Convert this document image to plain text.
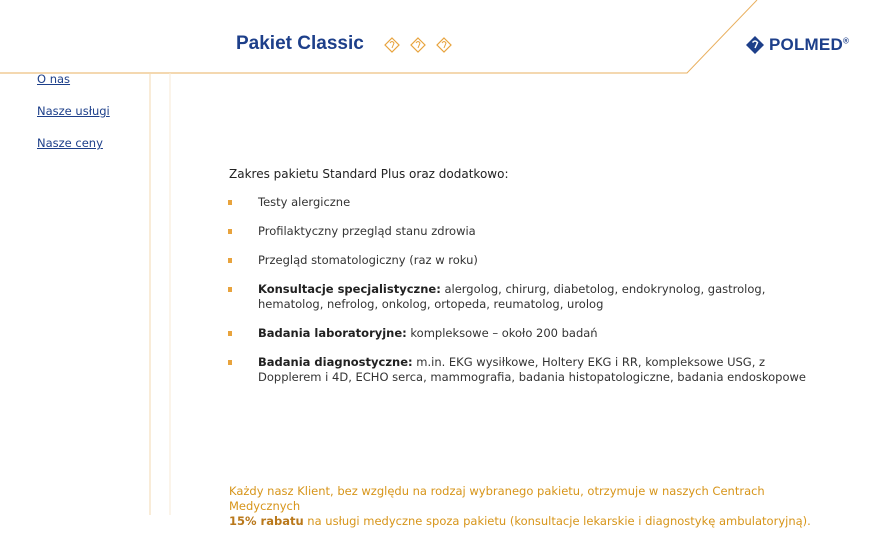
Pakiet Classic	POLMED®
O nas
Nasze usługi
Nasze ceny
Zakres pakietu Standard Plus oraz dodatkowo:
Testy alergiczne
Profilaktyczny przegląd stanu zdrowia
Przegląd stomatologiczny (raz w roku)
Konsultacje specjalistyczne: alergolog, chirurg, diabetolog, endokrynolog, gastrolog, hematolog, nefrolog, onkolog, ortopeda, reumatolog, urolog
Badania laboratoryjne: kompleksowe – około 200 badań
Badania diagnostyczne: m.in. EKG wysiłkowe, Holtery EKG i RR, kompleksowe USG, z Dopplerem i 4D, ECHO serca, mammografia, badania histopatologiczne, badania endoskopowe
Każdy nasz Klient, bez względu na rodzaj wybranego pakietu, otrzymuje w naszych Centrach Medycznych
15% rabatu na usługi medyczne spoza pakietu (konsultacje lekarskie i diagnostykę ambulatoryjną).
